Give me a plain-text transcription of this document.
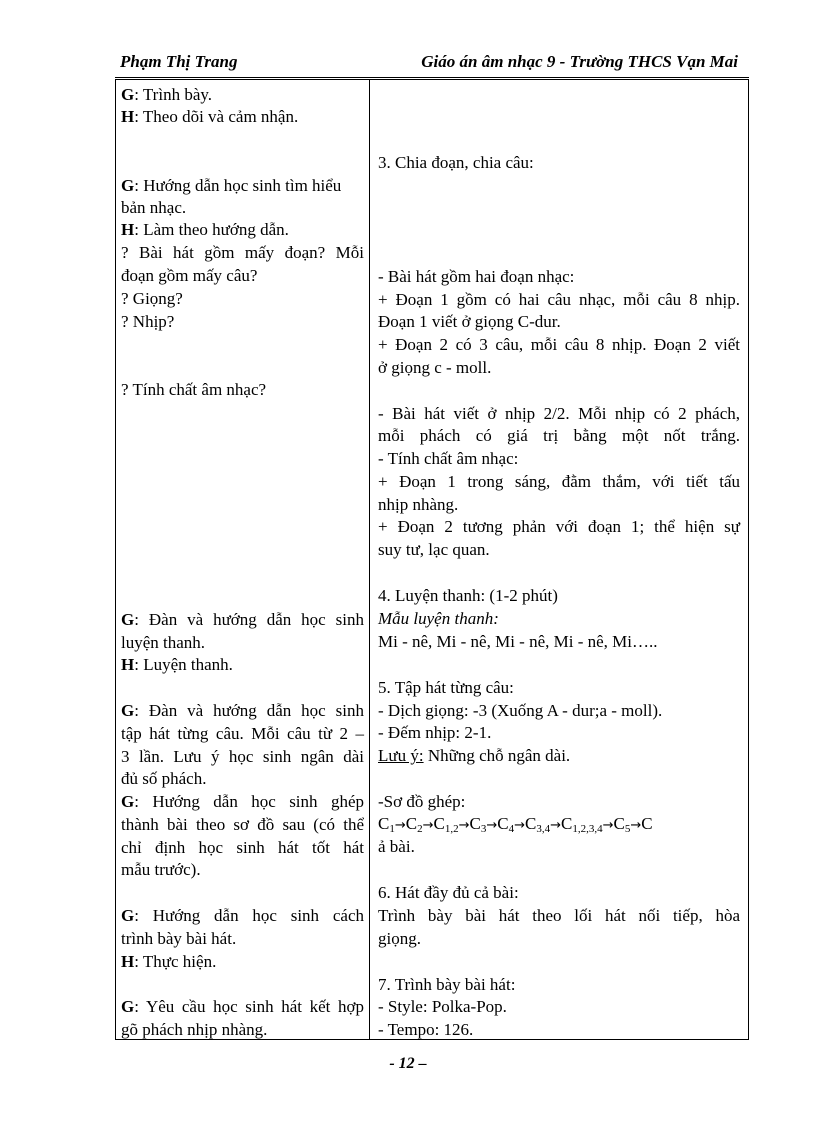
Phạm Thị Trang	Giáo án âm nhạc 9 - Trường THCS Vạn Mai
G: Trình bày.
H: Theo dõi và cảm nhận.
G: Hướng dẫn học sinh tìm hiểu
bản nhạc.
H: Làm theo hướng dẫn.
? Bài hát gồm mấy đoạn? Mỗi
đoạn gồm mấy câu?
? Giọng?
? Nhịp?
? Tính chất âm nhạc?
G: Đàn và hướng dẫn học sinh
luyện thanh.
H: Luyện thanh.
G: Đàn và hướng dẫn học sinh
tập hát từng câu. Mỗi câu từ 2 –
3 lần. Lưu ý học sinh ngân dài
đủ số phách.
G: Hướng dẫn học sinh ghép
thành bài theo sơ đồ sau (có thể
chỉ định học sinh hát tốt hát
mẫu trước).
G: Hướng dẫn học sinh cách
trình bày bài hát.
H: Thực hiện.
G: Yêu cầu học sinh hát kết hợp
gõ phách nhịp nhàng.
3. Chia đoạn, chia câu:
- Bài hát gồm hai đoạn nhạc:
+ Đoạn 1 gồm có hai câu nhạc, mỗi câu 8 nhịp.
Đoạn 1 viết ở giọng C-dur.
+ Đoạn 2 có 3 câu, mỗi câu 8 nhịp. Đoạn 2 viết
ở giọng c - moll.
- Bài hát viết ở nhịp 2/2. Mỗi nhịp có 2 phách,
mỗi phách có giá trị bằng một nốt trắng.
- Tính chất âm nhạc:
+ Đoạn 1 trong sáng, đằm thắm, với tiết tấu
nhịp nhàng.
+ Đoạn 2 tương phản với đoạn 1; thể hiện sự
suy tư, lạc quan.
4. Luyện thanh: (1-2 phút)
Mẫu luyện thanh:
Mi - nê, Mi - nê, Mi - nê, Mi - nê, Mi…..
5. Tập hát từng câu:
- Dịch giọng: -3 (Xuống A - dur;a - moll).
- Đếm nhịp: 2-1.
Lưu ý: Những chỗ ngân dài.
-Sơ đồ ghép:
$C_1\to C_2\to C_{1,2}\to C_3\to C_4\to C_{3,4}\to C_{1,2,3,4}\to C_5\to C$
ả bài.
6. Hát đầy đủ cả bài:
Trình bày bài hát theo lối hát nối tiếp, hòa
giọng.
7. Trình bày bài hát:
- Style: Polka-Pop.
- Tempo: 126.
- 12 –
